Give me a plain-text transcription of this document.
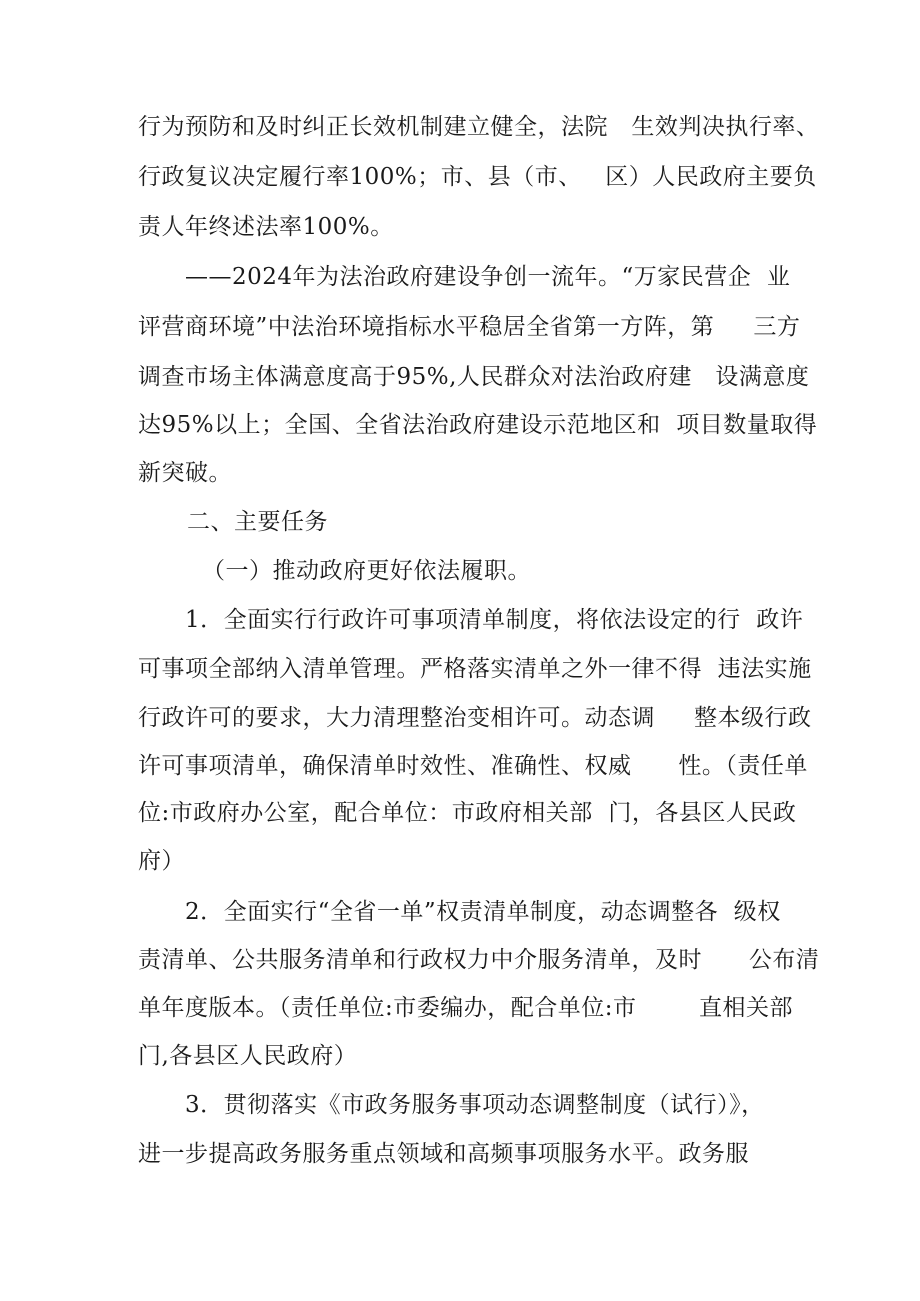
行为预防和及时纠正长效机制建立健全，法院   生效判决执行率、
行政复议决定履行率100%；市、县（市、   区）人民政府主要负
责人年终述法率100%。
——2024年为法治政府建设争创一流年。“万家民营企  业
评营商环境”中法治环境指标水平稳居全省第一方阵，第     三方
调查市场主体满意度高于95%,人民群众对法治政府建   设满意度
达95%以上；全国、全省法治政府建设示范地区和  项目数量取得
新突破。
二、主要任务
（一）推动政府更好依法履职。
1．全面实行行政许可事项清单制度，将依法设定的行  政许
可事项全部纳入清单管理。严格落实清单之外一律不得  违法实施
行政许可的要求，大力清理整治变相许可。动态调     整本级行政
许可事项清单，确保清单时效性、准确性、权威      性。（责任单
位:市政府办公室，配合单位：市政府相关部  门，各县区人民政
府）
2．全面实行“全省一单”权责清单制度，动态调整各  级权
责清单、公共服务清单和行政权力中介服务清单，及时      公布清
单年度版本。（责任单位:市委编办，配合单位:市        直相关部
门,各县区人民政府）
3．贯彻落实《市政务服务事项动态调整制度（试行）》，
进一步提高政务服务重点领域和高频事项服务水平。政务服
